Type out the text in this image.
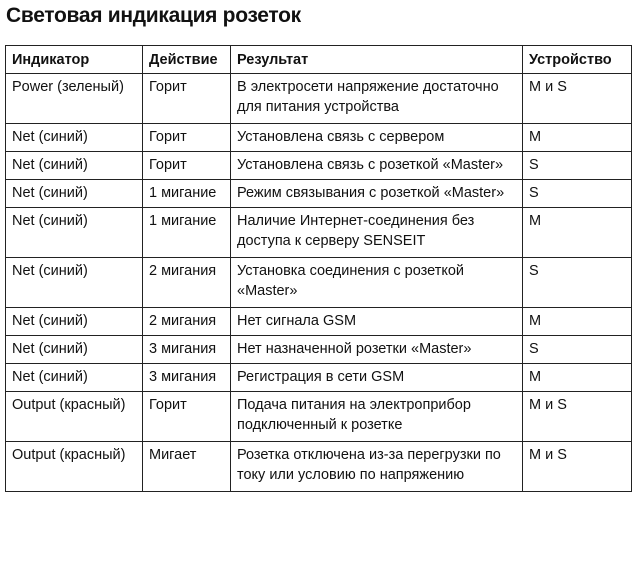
Световая индикация розеток
Индикатор	Действие	Результат	Устройство
Power (зеленый)	Горит	В электросети напряжение достаточно для питания устройства	M и S
Net (синий)	Горит	Установлена связь с сервером	M
Net (синий)	Горит	Установлена связь с розеткой «Master»	S
Net (синий)	1 мигание	Режим связывания с розеткой «Master»	S
Net (синий)	1 мигание	Наличие Интернет-соединения без доступа к серверу SENSEIT	M
Net (синий)	2 мигания	Установка соединения с розеткой «Master»	S
Net (синий)	2 мигания	Нет сигнала GSM	M
Net (синий)	3 мигания	Нет назначенной розетки «Master»	S
Net (синий)	3 мигания	Регистрация в сети GSM	M
Output (красный)	Горит	Подача питания на электроприбор подключенный к розетке	M и S
Output (красный)	Мигает	Розетка отключена из-за перегрузки по току или условию по напряжению	M и S
